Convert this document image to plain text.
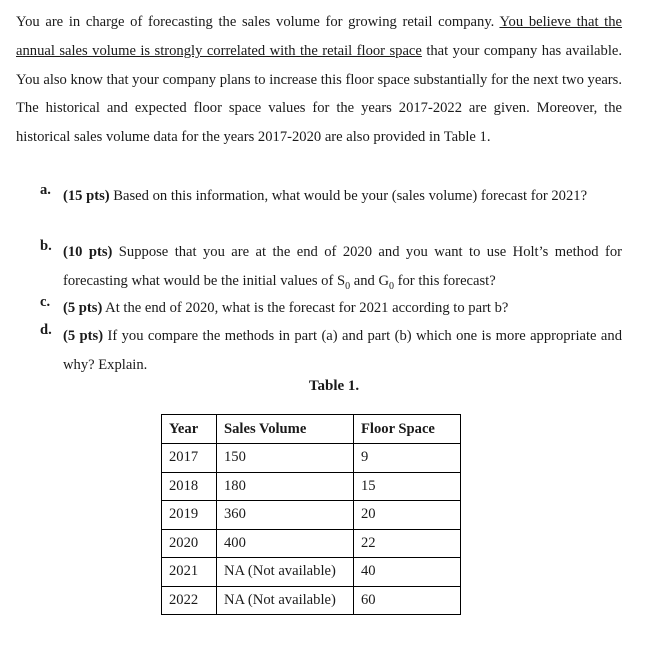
You are in charge of forecasting the sales volume for growing retail company. You believe that the annual sales volume is strongly correlated with the retail floor space that your company has available. You also know that your company plans to increase this floor space substantially for the next two years. The historical and expected floor space values for the years 2017-2022 are given. Moreover, the historical sales volume data for the years 2017-2020 are also provided in Table 1.

a. (15 pts) Based on this information, what would be your (sales volume) forecast for 2021?
b. (10 pts) Suppose that you are at the end of 2020 and you want to use Holt’s method for forecasting what would be the initial values of $S_0$ and $G_0$ for this forecast?
c. (5 pts) At the end of 2020, what is the forecast for 2021 according to part b?
d. (5 pts) If you compare the methods in part (a) and part (b) which one is more appropriate and why? Explain.
Table 1.
Year	Sales Volume	Floor Space
2017	150	9
2018	180	15
2019	360	20
2020	400	22
2021	NA (Not available)	40
2022	NA (Not available)	60
